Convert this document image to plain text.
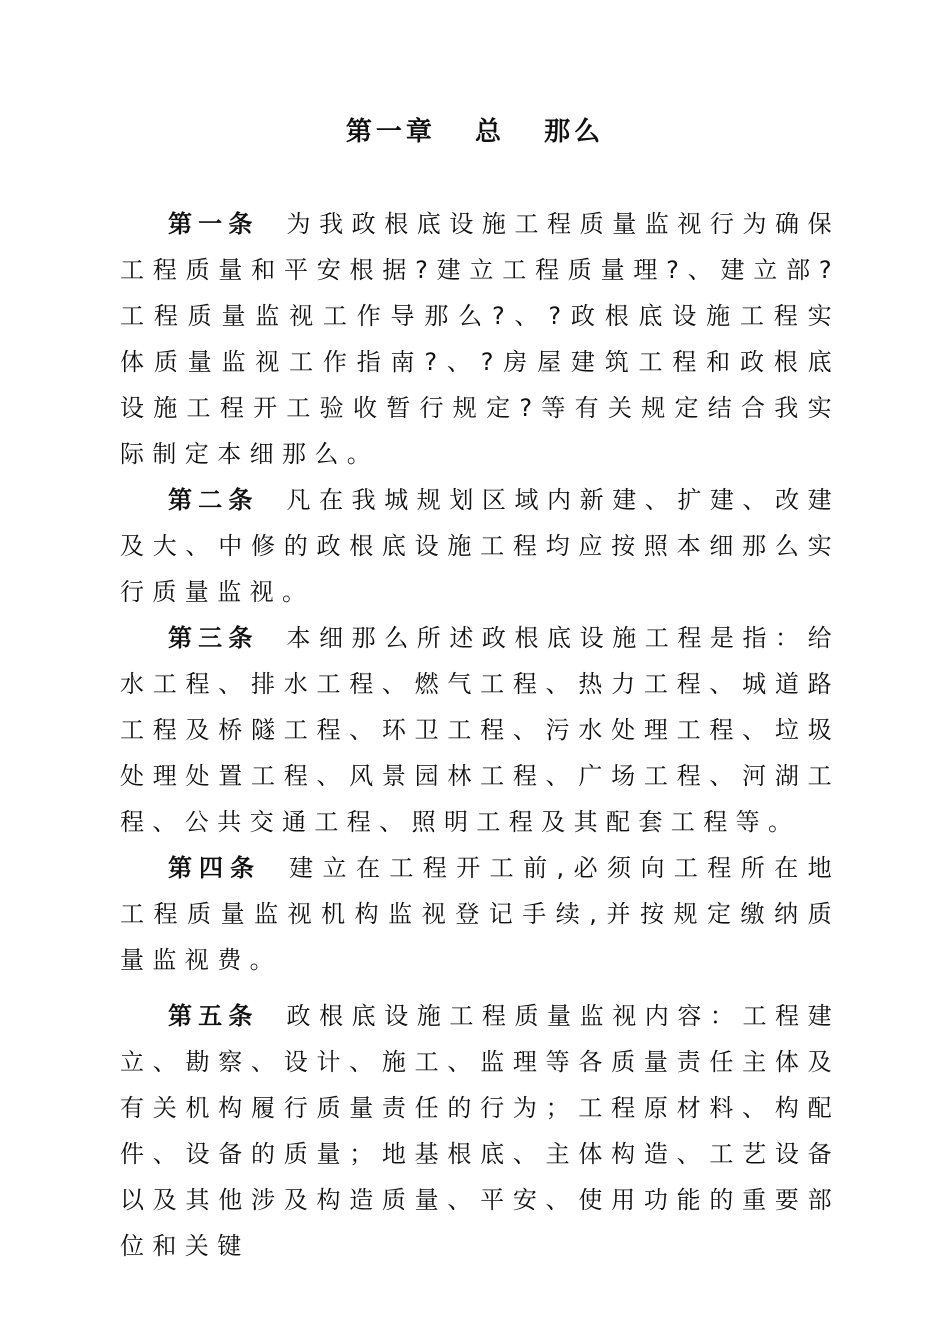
第一章   总   那么

第一条 为我政根底设施工程质量监视行为确保工程质量和平安根据?建立工程质量理?、建立部?工程质量监视工作导那么?、?政根底设施工程实体质量监视工作指南?、?房屋建筑工程和政根底设施工程开工验收暂行规定?等有关规定结合我实际制定本细那么。

第二条 凡在我城规划区域内新建、扩建、改建及大、中修的政根底设施工程均应按照本细那么实行质量监视。

第三条 本细那么所述政根底设施工程是指：给水工程、排水工程、燃气工程、热力工程、城道路工程及桥隧工程、环卫工程、污水处理工程、垃圾处理处置工程、风景园林工程、广场工程、河湖工程、公共交通工程、照明工程及其配套工程等。

第四条 建立在工程开工前,必须向工程所在地工程质量监视机构监视登记手续,并按规定缴纳质量监视费。

第五条 政根底设施工程质量监视内容：工程建立、勘察、设计、施工、监理等各质量责任主体及有关机构履行质量责任的行为；工程原材料、构配件、设备的质量；地基根底、主体构造、工艺设备以及其他涉及构造质量、平安、使用功能的重要部位和关键
